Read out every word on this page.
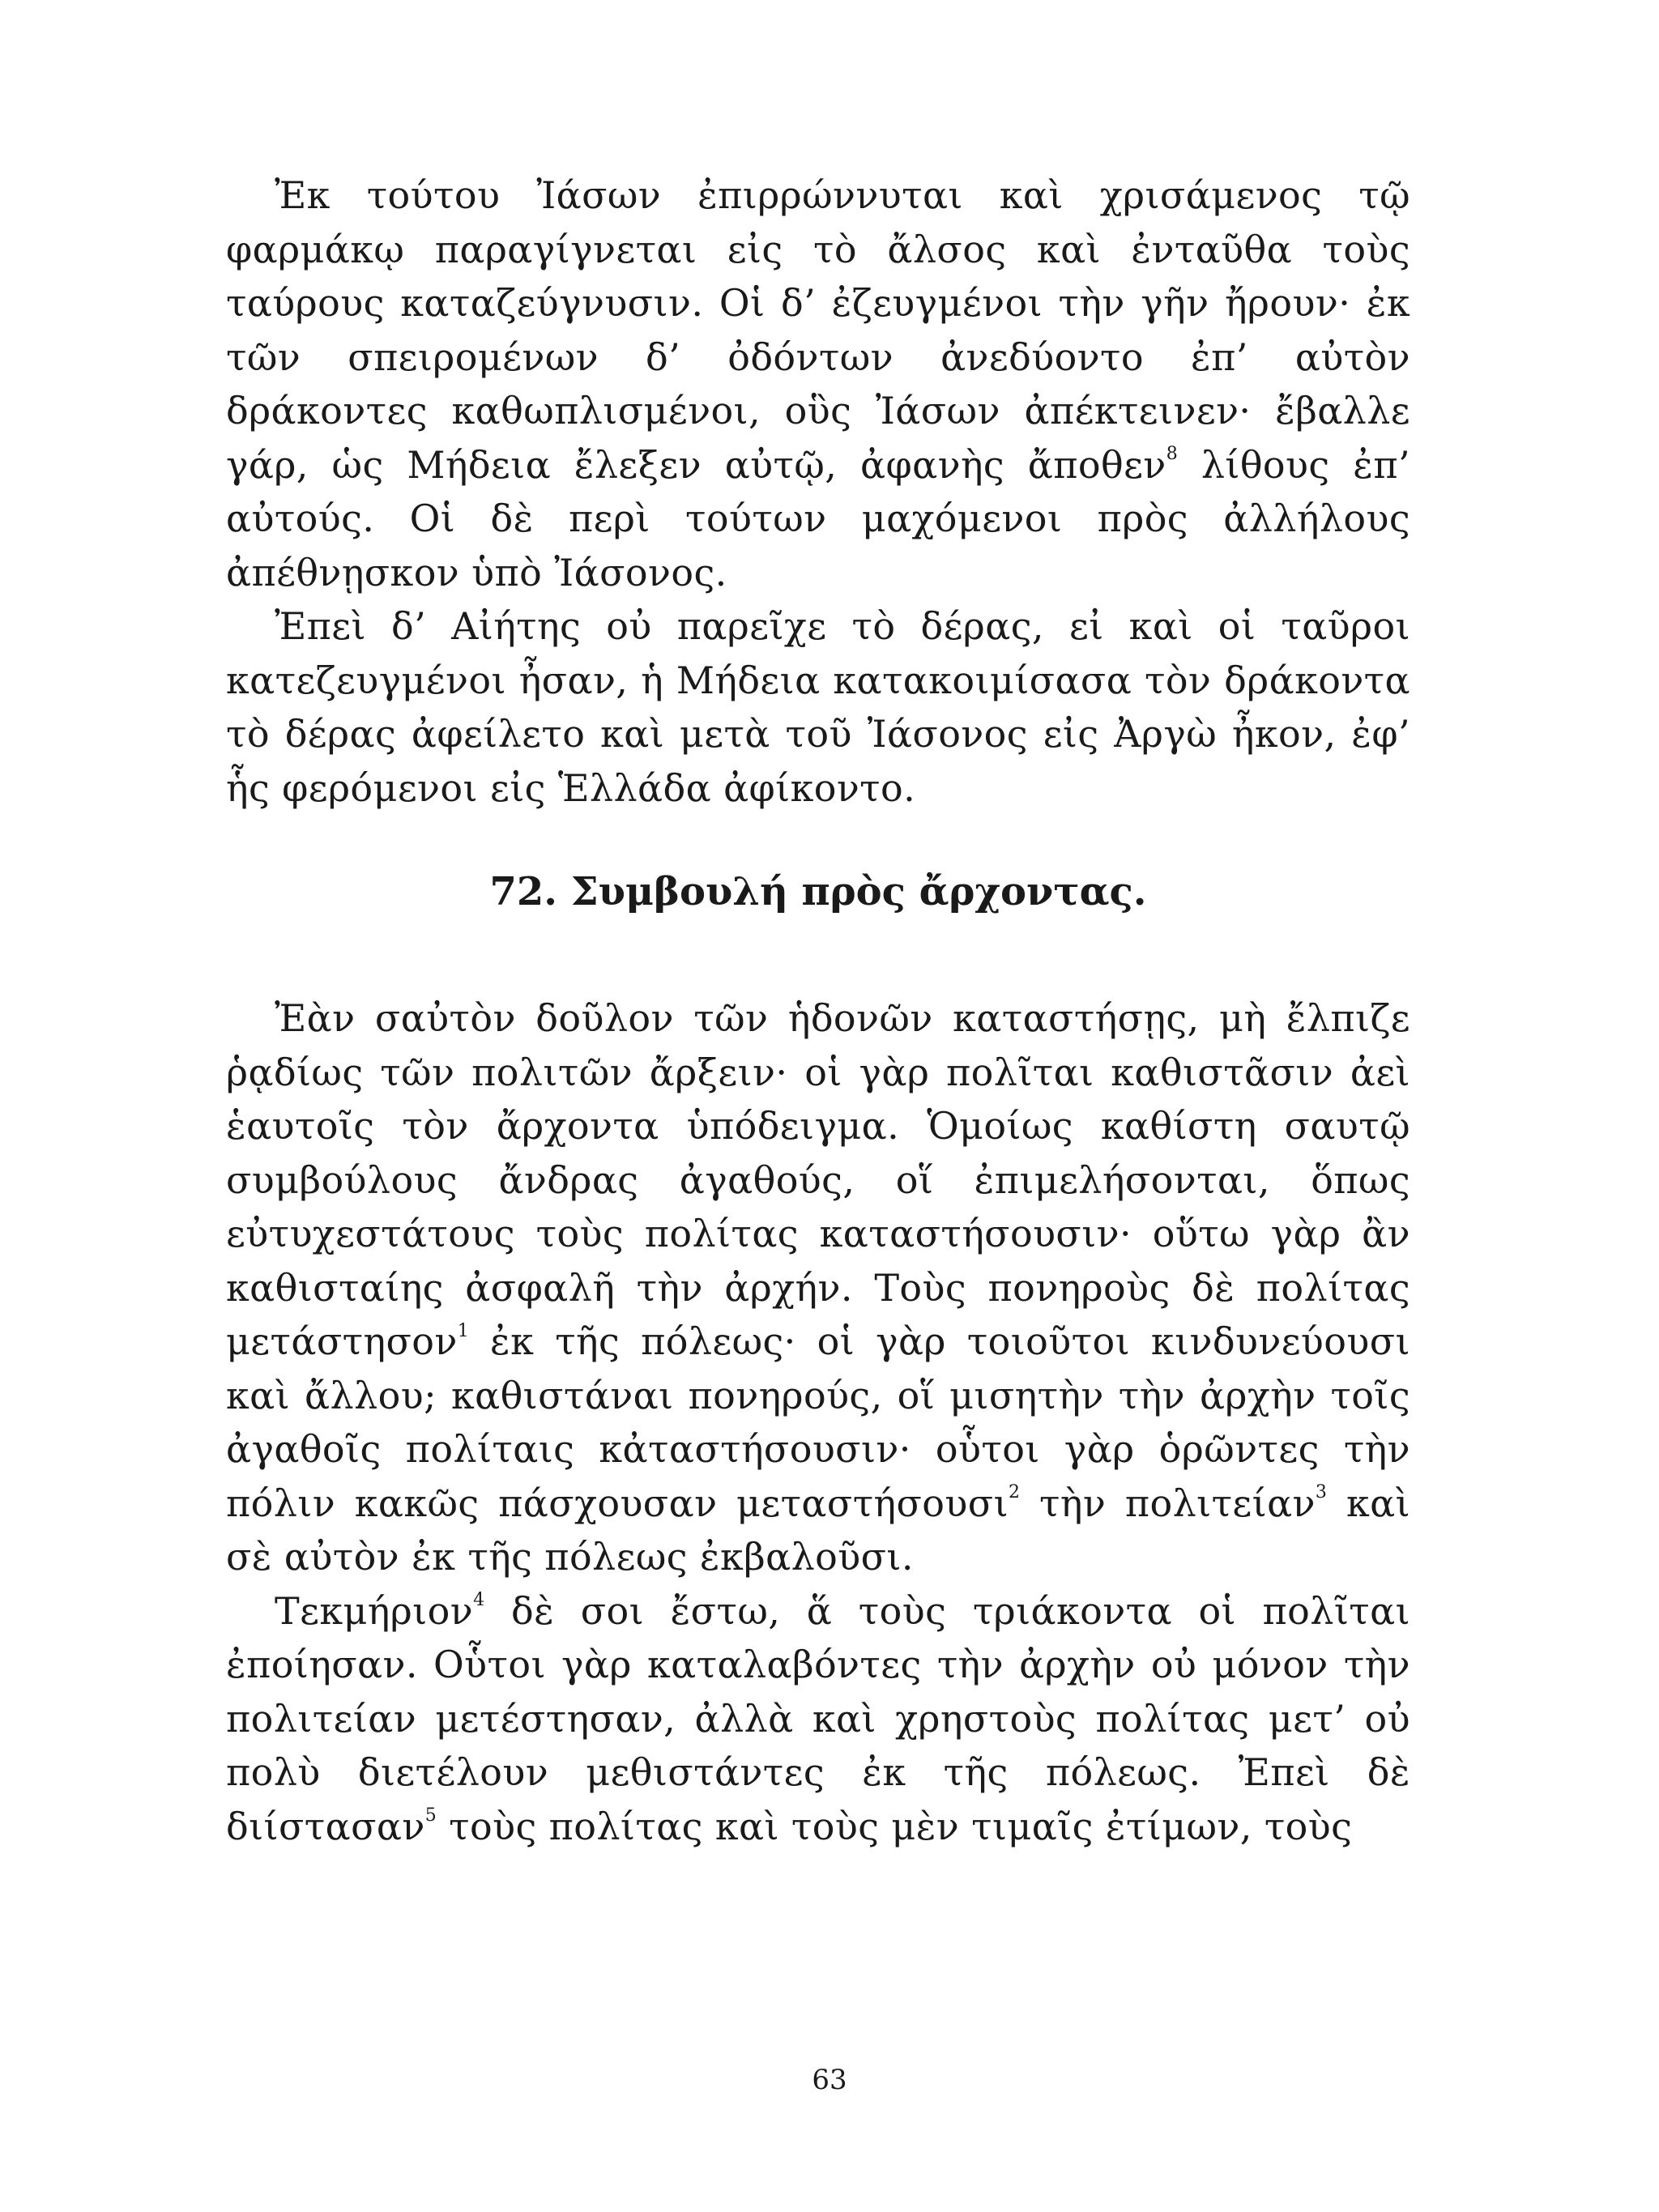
Ἐκ τούτου Ἰάσων ἐπιρρώννυται καὶ χρισάμενος τῷ φαρμάκῳ παραγίγνεται εἰς τὸ ἄλσος καὶ ἐνταῦθα τοὺς ταύρους καταζεύγνυσιν. Οἱ δ’ ἐζευγμένοι τὴν γῆν ἤρουν· ἐκ τῶν σπειρομένων δ’ ὀδόντων ἀνεδύοντο ἐπ’ αὐτὸν δράκοντες καθωπλισμένοι, οὓς Ἰάσων ἀπέκτεινεν· ἔβαλλε γάρ, ὡς Μήδεια ἔλεξεν αὐτῷ, ἀφανὴς ἄποθεν$^8$ λίθους ἐπ’ αὐτούς. Οἱ δὲ περὶ τούτων μαχόμενοι πρὸς ἀλλήλους ἀπέθνῃσκον ὑπὸ Ἰάσονος.

Ἐπεὶ δ’ Αἰήτης οὐ παρεῖχε τὸ δέρας, εἰ καὶ οἱ ταῦροι κατεζευγμένοι ἦσαν, ἡ Μήδεια κατακοιμίσασα τὸν δράκοντα τὸ δέρας ἀφείλετο καὶ μετὰ τοῦ Ἰάσονος εἰς Ἀργὼ ἦκον, ἐφ’ ἧς φερόμενοι εἰς Ἑλλάδα ἀφίκοντο.

72. Συμβουλή πρὸς ἄρχοντας.

Ἐὰν σαὐτὸν δοῦλον τῶν ἡδονῶν καταστήσῃς, μὴ ἔλπιζε ῥᾳδίως τῶν πολιτῶν ἄρξειν· οἱ γὰρ πολῖται καθιστᾶσιν ἀεὶ ἑαυτοῖς τὸν ἄρχοντα ὑπόδειγμα. Ὁμοίως καθίστη σαυτῷ συμβούλους ἄνδρας ἀγαθούς, οἵ ἐπιμελήσονται, ὅπως εὐτυχεστάτους τοὺς πολίτας καταστήσουσιν· οὕτω γὰρ ἂν καθισταίης ἀσφαλῆ τὴν ἀρχήν. Τοὺς πονηροὺς δὲ πολίτας μετάστησον$^1$ ἐκ τῆς πόλεως· οἱ γὰρ τοιοῦτοι κινδυνεύουσι καὶ ἄλλου; καθιστάναι πονηρούς, οἵ μισητὴν τὴν ἀρχὴν τοῖς ἀγαθοῖς πολίταις κἀταστήσουσιν· οὗτοι γὰρ ὁρῶντες τὴν πόλιν κακῶς πάσχουσαν μεταστήσουσι$^2$ τὴν πολιτείαν$^3$ καὶ σὲ αὐτὸν ἐκ τῆς πόλεως ἐκβαλοῦσι.

Τεκμήριον$^4$ δὲ σοι ἔστω, ἅ τοὺς τριάκοντα οἱ πολῖται ἐποίησαν. Οὗτοι γὰρ καταλαβόντες τὴν ἀρχὴν οὐ μόνον τὴν πολιτείαν μετέστησαν, ἀλλὰ καὶ χρηστοὺς πολίτας μετ’ οὐ πολὺ διετέλουν μεθιστάντες ἐκ τῆς πόλεως. Ἐπεὶ δὲ διίστασαν$^5$ τοὺς πολίτας καὶ τοὺς μὲν τιμαῖς ἐτίμων, τοὺς

63
